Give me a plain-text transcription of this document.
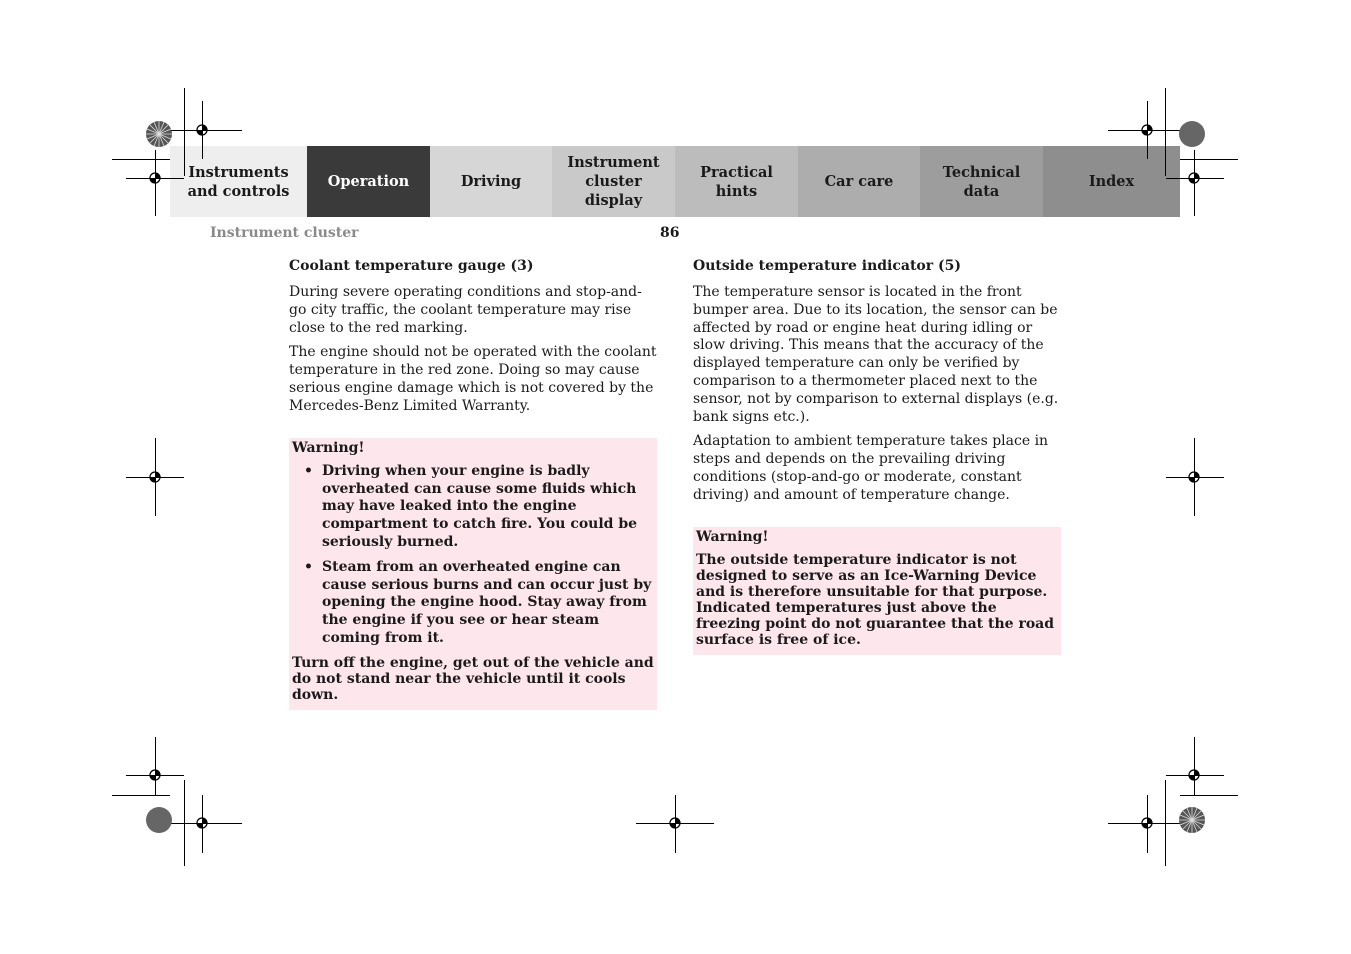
Instruments
and controls
Operation	Driving
Instrument
cluster display
Practical hints
Car care
Technical
data
Index
Instrument cluster	86
Coolant temperature gauge (3)

During severe operating conditions and stop-and-go city traffic, the coolant temperature may rise close to the red marking.

The engine should not be operated with the coolant temperature in the red zone. Doing so may cause serious engine damage which is not covered by the Mercedes-Benz Limited Warranty.

Warning!
• Driving when your engine is badly overheated can cause some fluids which may have leaked into the engine compartment to catch fire. You could be seriously burned.
• Steam from an overheated engine can cause serious burns and can occur just by opening the engine hood. Stay away from the engine if you see or hear steam coming from it.

Turn off the engine, get out of the vehicle and do not stand near the vehicle until it cools down.

Outside temperature indicator (5)

The temperature sensor is located in the front bumper area. Due to its location, the sensor can be affected by road or engine heat during idling or slow driving. This means that the accuracy of the displayed temperature can only be verified by comparison to a thermometer placed next to the sensor, not by comparison to external displays (e.g. bank signs etc.).

Adaptation to ambient temperature takes place in steps and depends on the prevailing driving conditions (stop-and-go or moderate, constant driving) and amount of temperature change.

Warning!
The outside temperature indicator is not designed to serve as an Ice-Warning Device and is therefore unsuitable for that purpose. Indicated temperatures just above the freezing point do not guarantee that the road surface is free of ice.
